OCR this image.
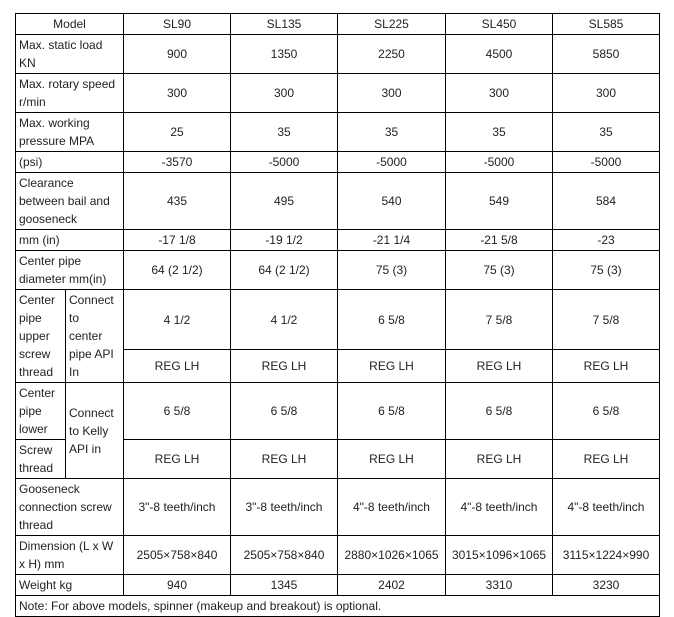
Model		SL90	SL135	SL225	SL450	SL585
Max. static load
KN		900	1350	2250	4500	5850
Max. rotary speed
r/min		300	300	300	300	300
Max. working
pressure MPA		25	35	35	35	35
(psi)		-3570	-5000	-5000	-5000	-5000
Clearance
between bail and
gooseneck		435	495	540	549	584
mm (in)		-17 1/8	-19 1/2	-21 1/4	-21 5/8	-23
Center pipe
diameter mm(in)		64 (2 1/2)	64 (2 1/2)	75 (3)	75 (3)	75 (3)
Center
pipe
upper
screw
thread	Connect
to
center
pipe API
In	4 1/2	4 1/2	6 5/8	7 5/8	7 5/8
		REG LH	REG LH	REG LH	REG LH	REG LH
Center
pipe
lower	Connect
to Kelly
API in	6 5/8	6 5/8	6 5/8	6 5/8	6 5/8
Screw
thread		REG LH	REG LH	REG LH	REG LH	REG LH
Gooseneck
connection screw
thread		3"-8 teeth/inch	3"-8 teeth/inch	4"-8 teeth/inch	4"-8 teeth/inch	4"-8 teeth/inch
Dimension (L x W
x H) mm		2505×758×840	2505×758×840	2880×1026×1065	3015×1096×1065	3115×1224×990
Weight kg		940	1345	2402	3310	3230
Note: For above models, spinner (makeup and breakout) is optional.						
